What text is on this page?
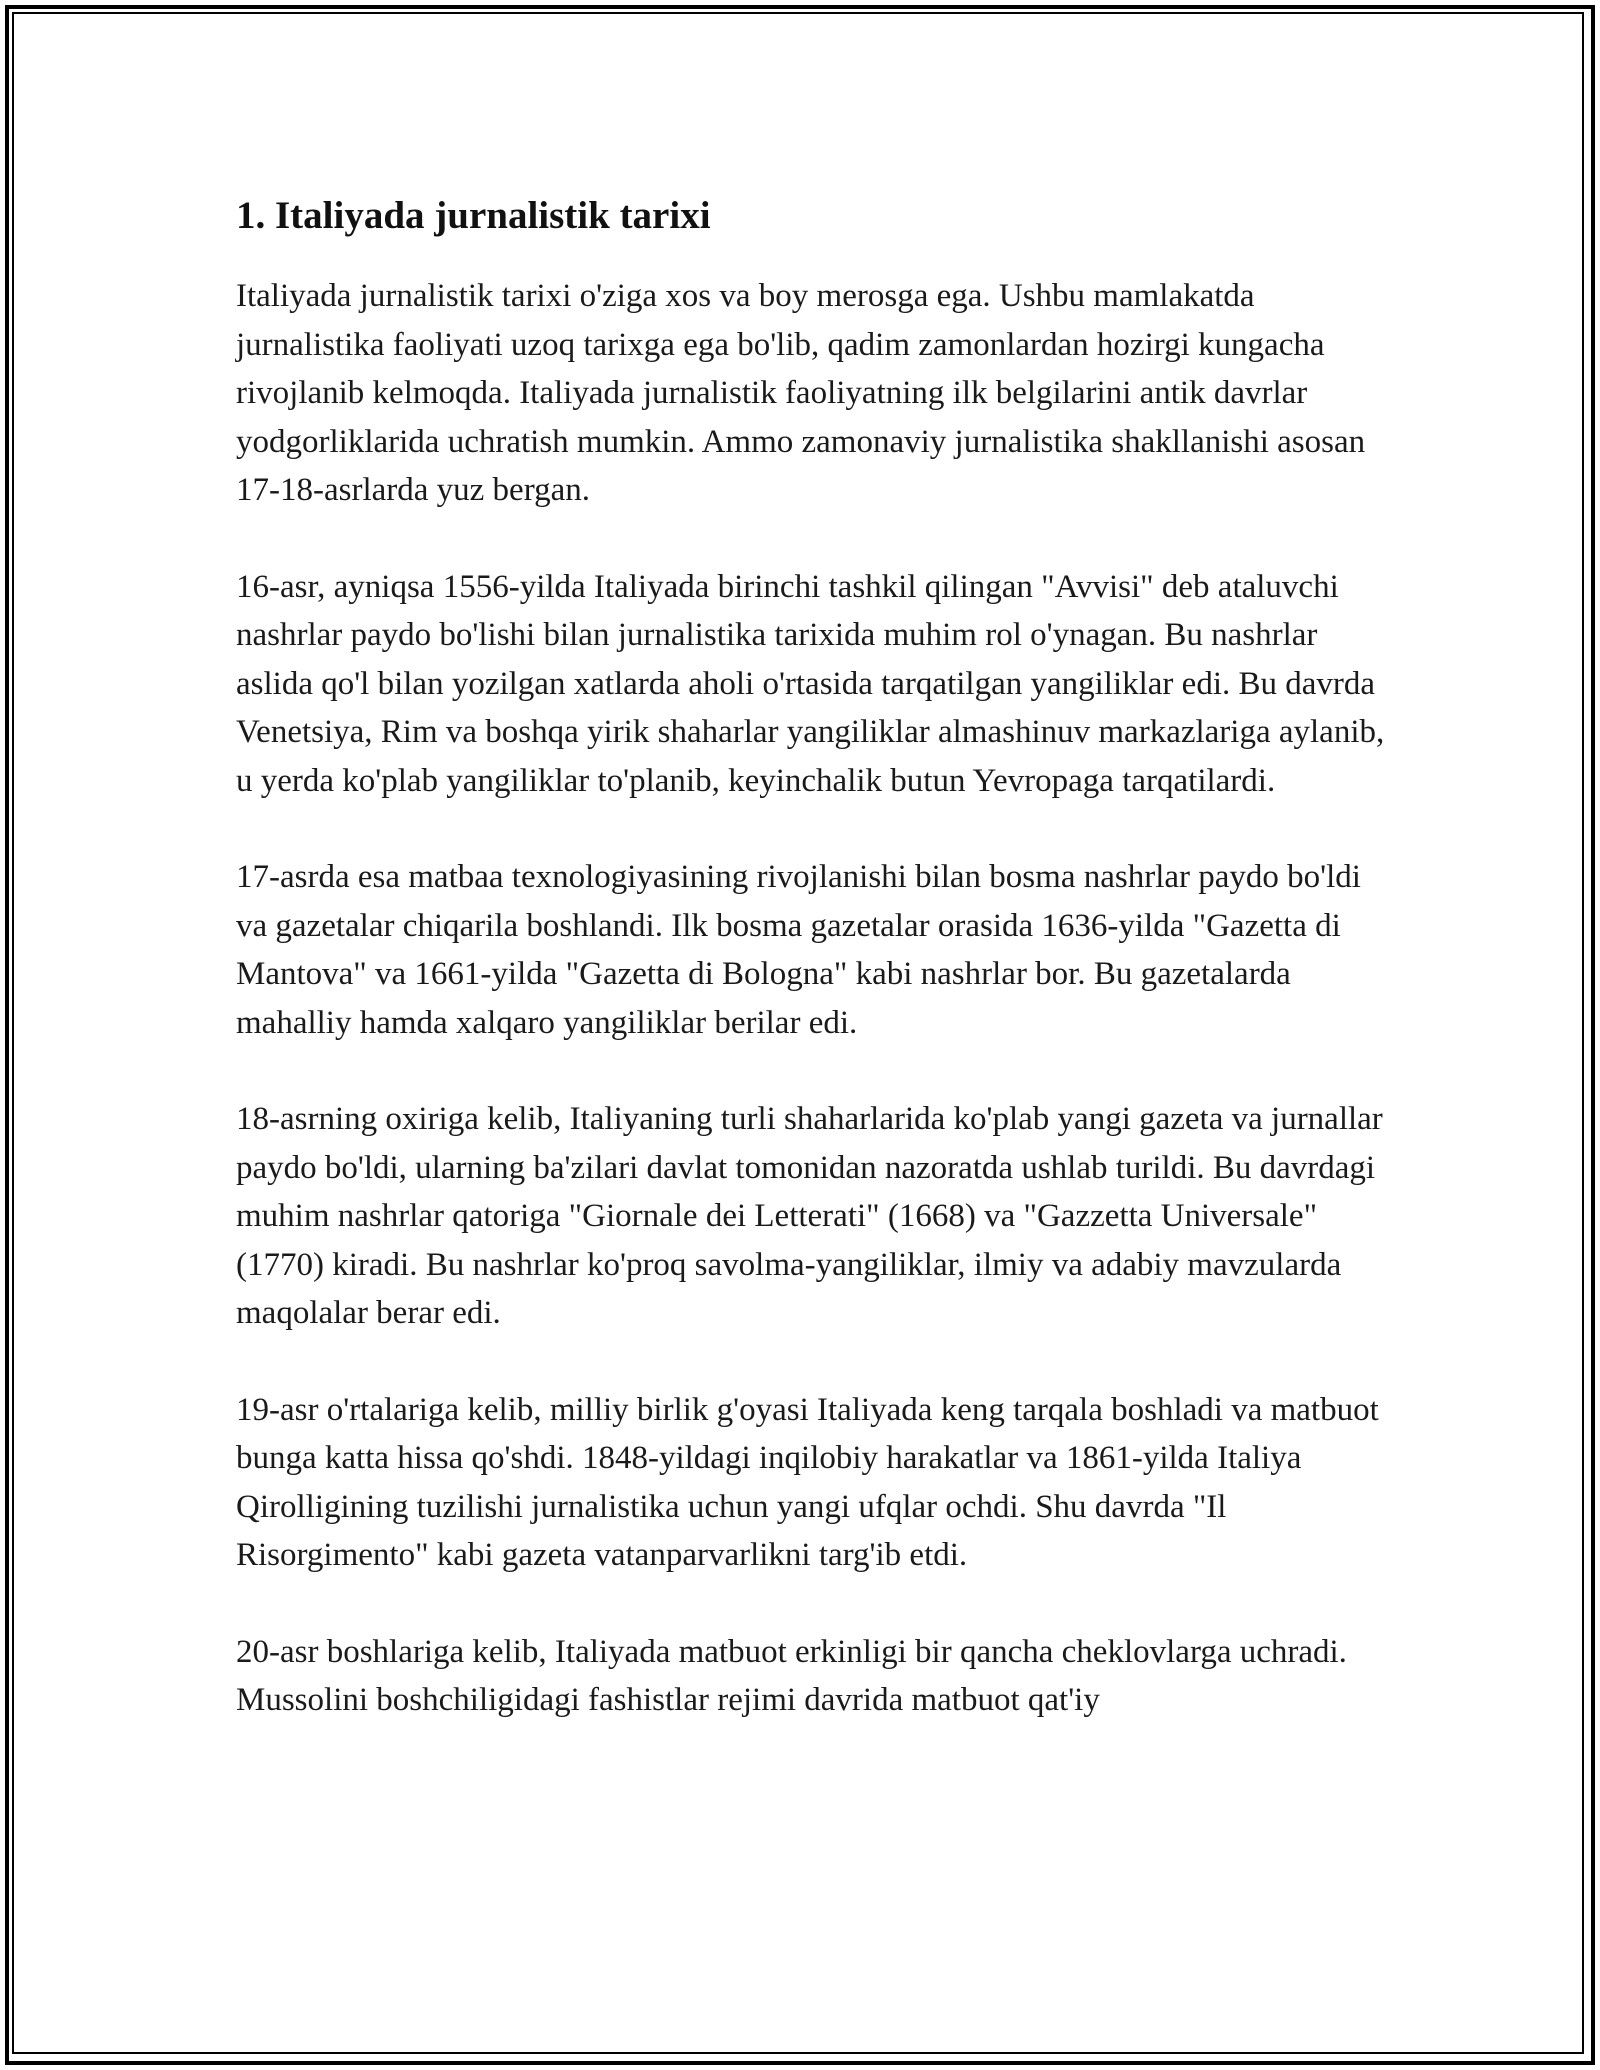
1. Italiyada jurnalistik tarixi

Italiyada jurnalistik tarixi o'ziga xos va boy merosga ega. Ushbu mamlakatda jurnalistika faoliyati uzoq tarixga ega bo'lib, qadim zamonlardan hozirgi kungacha rivojlanib kelmoqda. Italiyada jurnalistik faoliyatning ilk belgilarini antik davrlar yodgorliklarida uchratish mumkin. Ammo zamonaviy jurnalistika shakllanishi asosan 17-18-asrlarda yuz bergan.

16-asr, ayniqsa 1556-yilda Italiyada birinchi tashkil qilingan "Avvisi" deb ataluvchi nashrlar paydo bo'lishi bilan jurnalistika tarixida muhim rol o'ynagan. Bu nashrlar aslida qo'l bilan yozilgan xatlarda aholi o'rtasida tarqatilgan yangiliklar edi. Bu davrda Venetsiya, Rim va boshqa yirik shaharlar yangiliklar almashinuv markazlariga aylanib, u yerda ko'plab yangiliklar to'planib, keyinchalik butun Yevropaga tarqatilardi.

17-asrda esa matbaa texnologiyasining rivojlanishi bilan bosma nashrlar paydo bo'ldi va gazetalar chiqarila boshlandi. Ilk bosma gazetalar orasida 1636-yilda "Gazetta di Mantova" va 1661-yilda "Gazetta di Bologna" kabi nashrlar bor. Bu gazetalarda mahalliy hamda xalqaro yangiliklar berilar edi.

18-asrning oxiriga kelib, Italiyaning turli shaharlarida ko'plab yangi gazeta va jurnallar paydo bo'ldi, ularning ba'zilari davlat tomonidan nazoratda ushlab turildi. Bu davrdagi muhim nashrlar qatoriga "Giornale dei Letterati" (1668) va "Gazzetta Universale" (1770) kiradi. Bu nashrlar ko'proq savolma-yangiliklar, ilmiy va adabiy mavzularda maqolalar berar edi.

19-asr o'rtalariga kelib, milliy birlik g'oyasi Italiyada keng tarqala boshladi va matbuot bunga katta hissa qo'shdi. 1848-yildagi inqilobiy harakatlar va 1861-yilda Italiya Qirolligining tuzilishi jurnalistika uchun yangi ufqlar ochdi. Shu davrda "Il Risorgimento" kabi gazeta vatanparvarlikni targ'ib etdi.

20-asr boshlariga kelib, Italiyada matbuot erkinligi bir qancha cheklovlarga uchradi. Mussolini boshchiligidagi fashistlar rejimi davrida matbuot qat'iy
